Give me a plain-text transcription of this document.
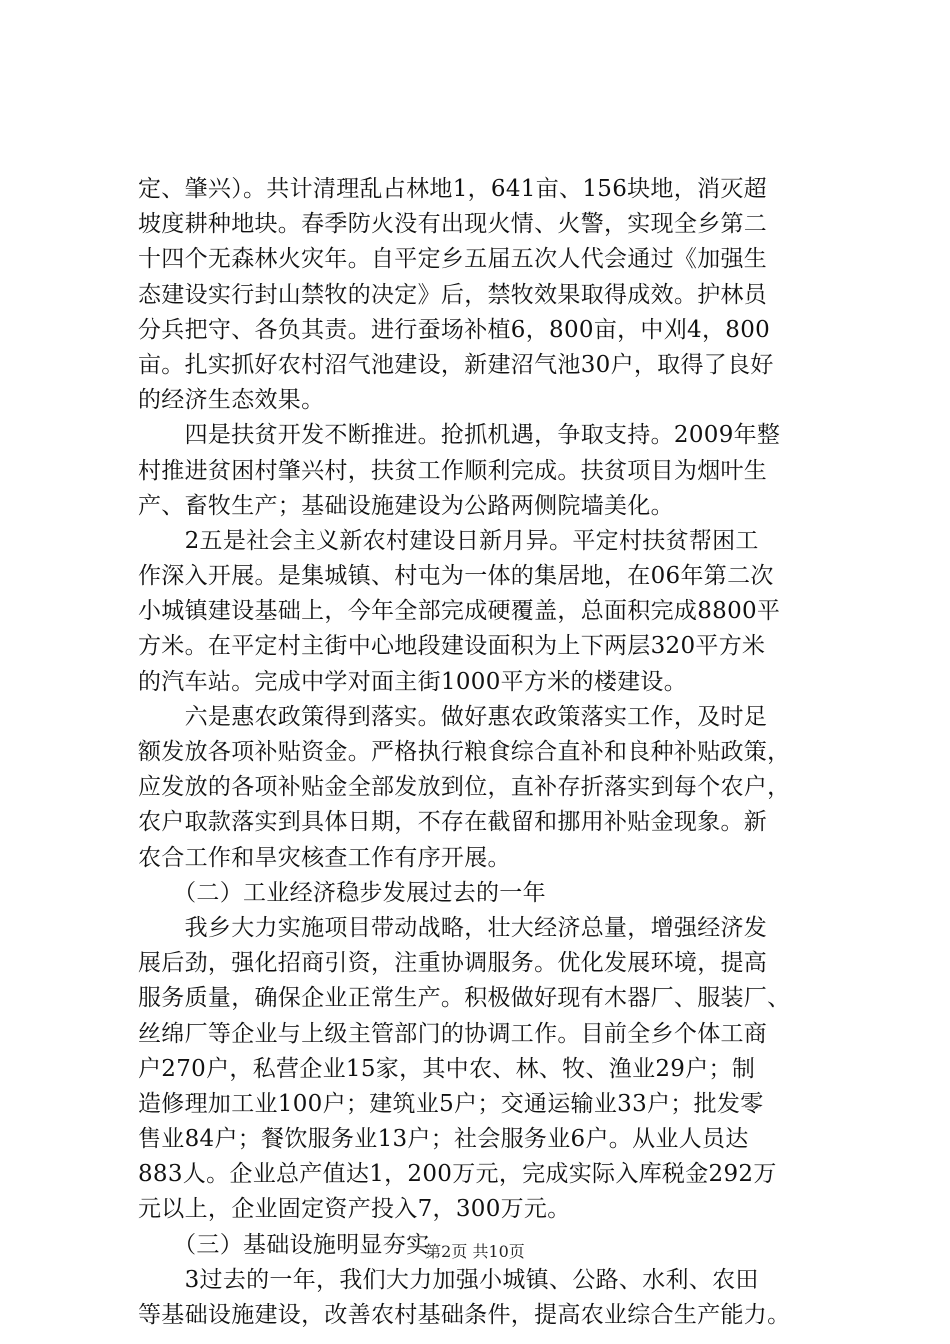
定、肇兴）。共计清理乱占林地1，641亩、156块地，消灭超
坡度耕种地块。春季防火没有出现火情、火警，实现全乡第二
十四个无森林火灾年。自平定乡五届五次人代会通过《加强生
态建设实行封山禁牧的决定》后，禁牧效果取得成效。护林员
分兵把守、各负其责。进行蚕场补植6，800亩，中刈4，800
亩。扎实抓好农村沼气池建设，新建沼气池30户，取得了良好
的经济生态效果。
　　四是扶贫开发不断推进。抢抓机遇，争取支持。2009年整
村推进贫困村肇兴村，扶贫工作顺利完成。扶贫项目为烟叶生
产、畜牧生产；基础设施建设为公路两侧院墙美化。
　　2五是社会主义新农村建设日新月异。平定村扶贫帮困工
作深入开展。是集城镇、村屯为一体的集居地，在06年第二次
小城镇建设基础上，今年全部完成硬覆盖，总面积完成8800平
方米。在平定村主街中心地段建设面积为上下两层320平方米
的汽车站。完成中学对面主街1000平方米的楼建设。
　　六是惠农政策得到落实。做好惠农政策落实工作，及时足
额发放各项补贴资金。严格执行粮食综合直补和良种补贴政策，
应发放的各项补贴金全部发放到位，直补存折落实到每个农户，
农户取款落实到具体日期，不存在截留和挪用补贴金现象。新
农合工作和旱灾核查工作有序开展。
　　（二）工业经济稳步发展过去的一年
　　我乡大力实施项目带动战略，壮大经济总量，增强经济发
展后劲，强化招商引资，注重协调服务。优化发展环境，提高
服务质量，确保企业正常生产。积极做好现有木器厂、服装厂、
丝绵厂等企业与上级主管部门的协调工作。目前全乡个体工商
户270户，私营企业15家，其中农、林、牧、渔业29户；制
造修理加工业100户；建筑业5户；交通运输业33户；批发零
售业84户；餐饮服务业13户；社会服务业6户。从业人员达
883人。企业总产值达1，200万元，完成实际入库税金292万
元以上，企业固定资产投入7，300万元。
　　（三）基础设施明显夯实
　　3过去的一年，我们大力加强小城镇、公路、水利、农田
等基础设施建设，改善农村基础条件，提高农业综合生产能力。
第2页 共10页
